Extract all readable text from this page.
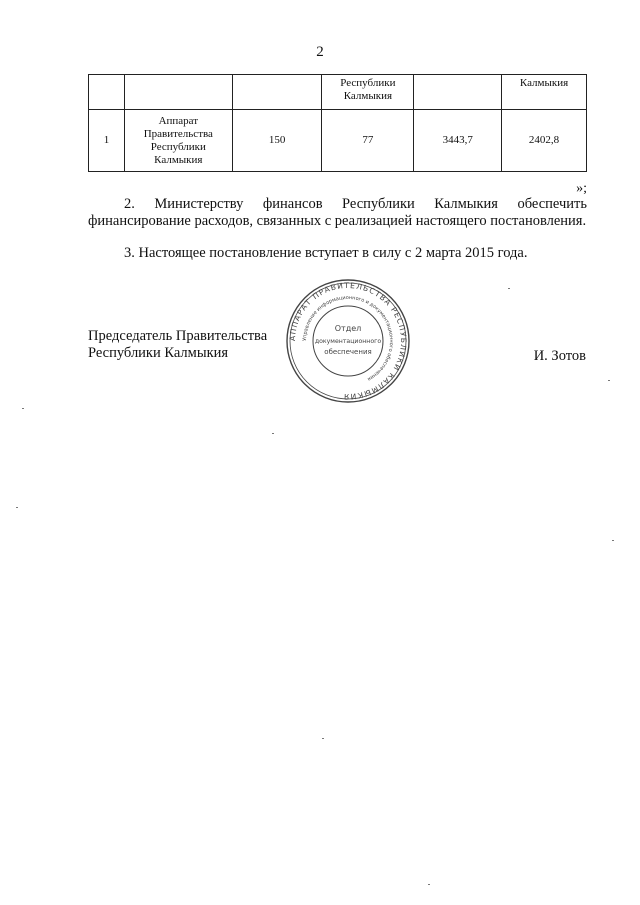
2
			Республики Калмыкия		Калмыкия
1	Аппарат Правительства Республики Калмыкия	150	77	3443,7	2402,8
»;
2. Министерству финансов Республики Калмыкия обеспечить финансирование расходов, связанных с реализацией настоящего постановления.
3. Настоящее постановление вступает в силу с 2 марта 2015 года.
Председатель Правительства
Республики Калмыкия	И. Зотов
АППАРАТ ПРАВИТЕЛЬСТВА РЕСПУБЛИКИ КАЛМЫКИЯ
Управление информационного и документационного обеспечения
Отдел
документационного
обеспечения
